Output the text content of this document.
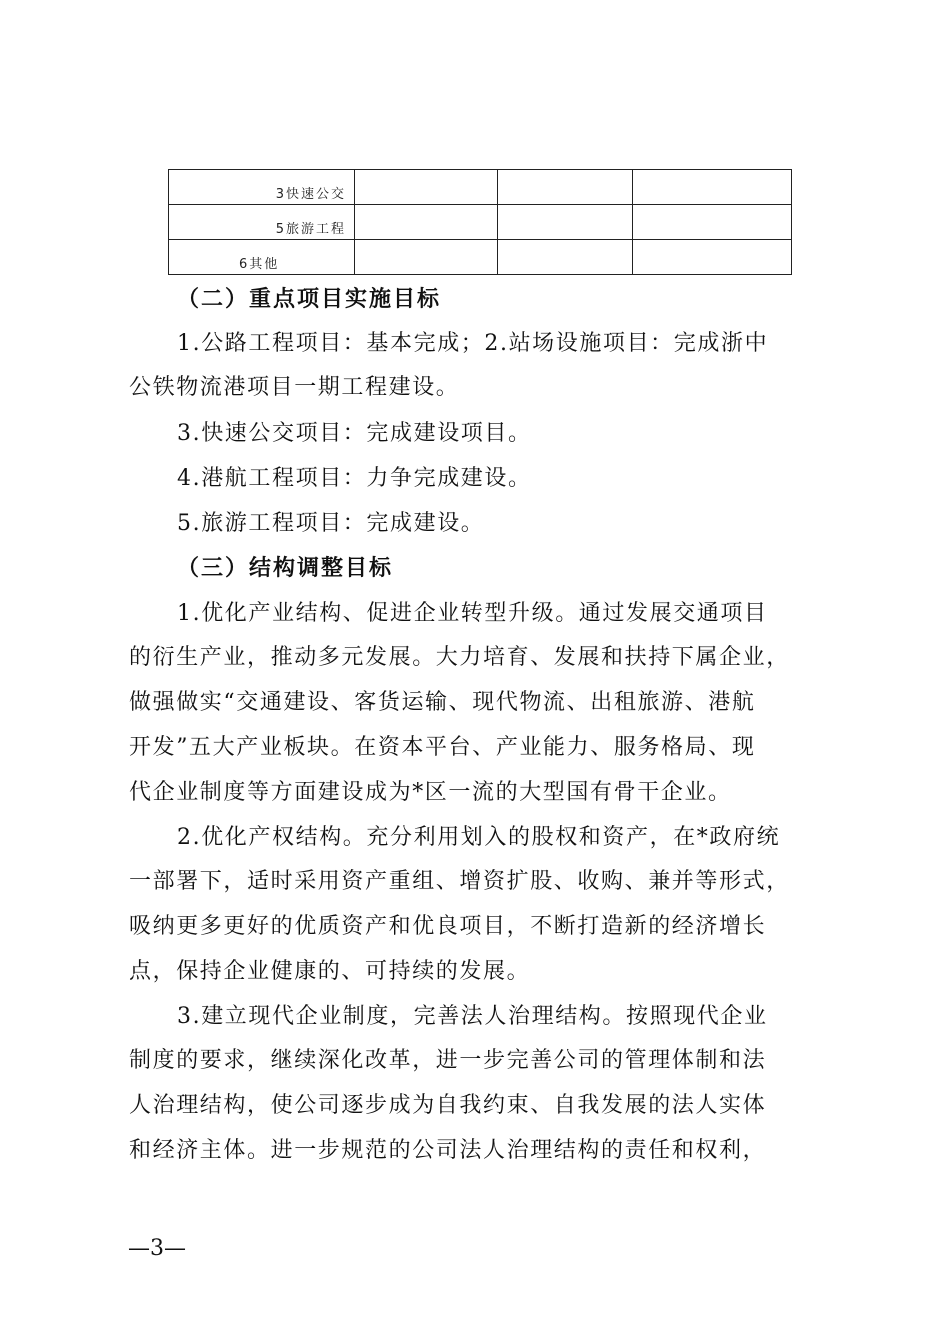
3快速公交			
5旅游工程			
6其他			
（二）重点项目实施目标
1.公路工程项目：基本完成；2.站场设施项目：完成浙中
公铁物流港项目一期工程建设。
3.快速公交项目：完成建设项目。
4.港航工程项目：力争完成建设。
5.旅游工程项目：完成建设。
（三）结构调整目标
1.优化产业结构、促进企业转型升级。通过发展交通项目
的衍生产业，推动多元发展。大力培育、发展和扶持下属企业，
做强做实“交通建设、客货运输、现代物流、出租旅游、港航
开发”五大产业板块。在资本平台、产业能力、服务格局、现
代企业制度等方面建设成为*区一流的大型国有骨干企业。
2.优化产权结构。充分利用划入的股权和资产，在*政府统
一部署下，适时采用资产重组、增资扩股、收购、兼并等形式，
吸纳更多更好的优质资产和优良项目，不断打造新的经济增长
点，保持企业健康的、可持续的发展。
3.建立现代企业制度，完善法人治理结构。按照现代企业
制度的要求，继续深化改革，进一步完善公司的管理体制和法
人治理结构，使公司逐步成为自我约束、自我发展的法人实体
和经济主体。进一步规范的公司法人治理结构的责任和权利，
—3—
